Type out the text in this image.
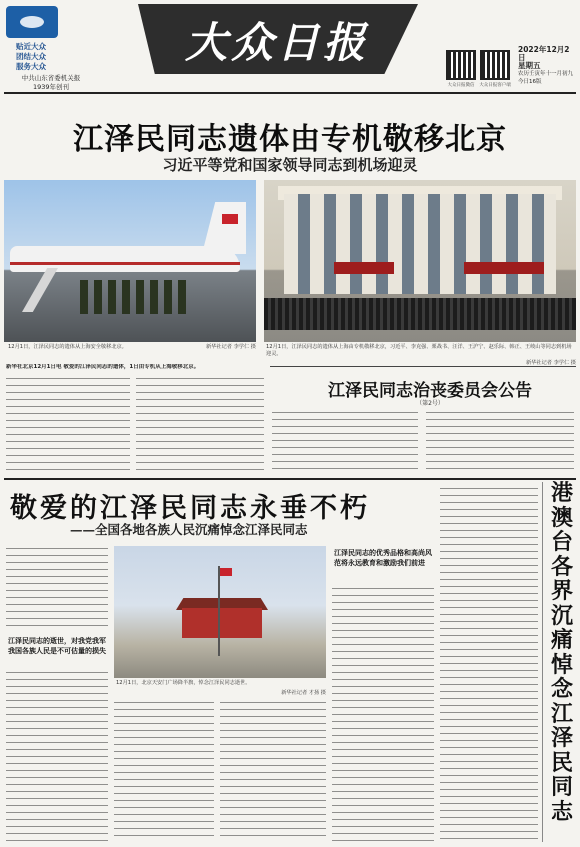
贴近大众
团结大众
服务大众
中共山东省委机关报
1939年创刊
大众日报
大众日报微信	大众日报客户端
2022年12月2日
星期五
农历壬寅年十一月初九
今日16版
江泽民同志遗体由专机敬移北京
习近平等党和国家领导同志到机场迎灵
12月1日，江泽民同志的遗体从上海安全敬移北京。	新华社记者 李学仁 摄 12月1日，江泽民同志的遗体从上海由专机敬移北京，习近平、李克强、栗战书、汪洋、王沪宁、赵乐际、韩正、王岐山等同志到机场迎灵。
新华社记者 李学仁 摄
新华社北京12月1日电 敬爱的江泽民同志的遗体，1日由专机从上海敬移北京。
江泽民同志治丧委员会公告
（第2号）
敬爱的江泽民同志永垂不朽
——全国各地各族人民沉痛悼念江泽民同志
江泽民同志的逝世，对我党我军我国各族人民是不可估量的损失
12月1日，北京天安门广场降半旗，悼念江泽民同志逝世。
新华社记者 才扬 摄
江泽民同志的优秀品格和高尚风范将永远教育和激励我们前进
港澳台各界沉痛悼念江泽民同志
